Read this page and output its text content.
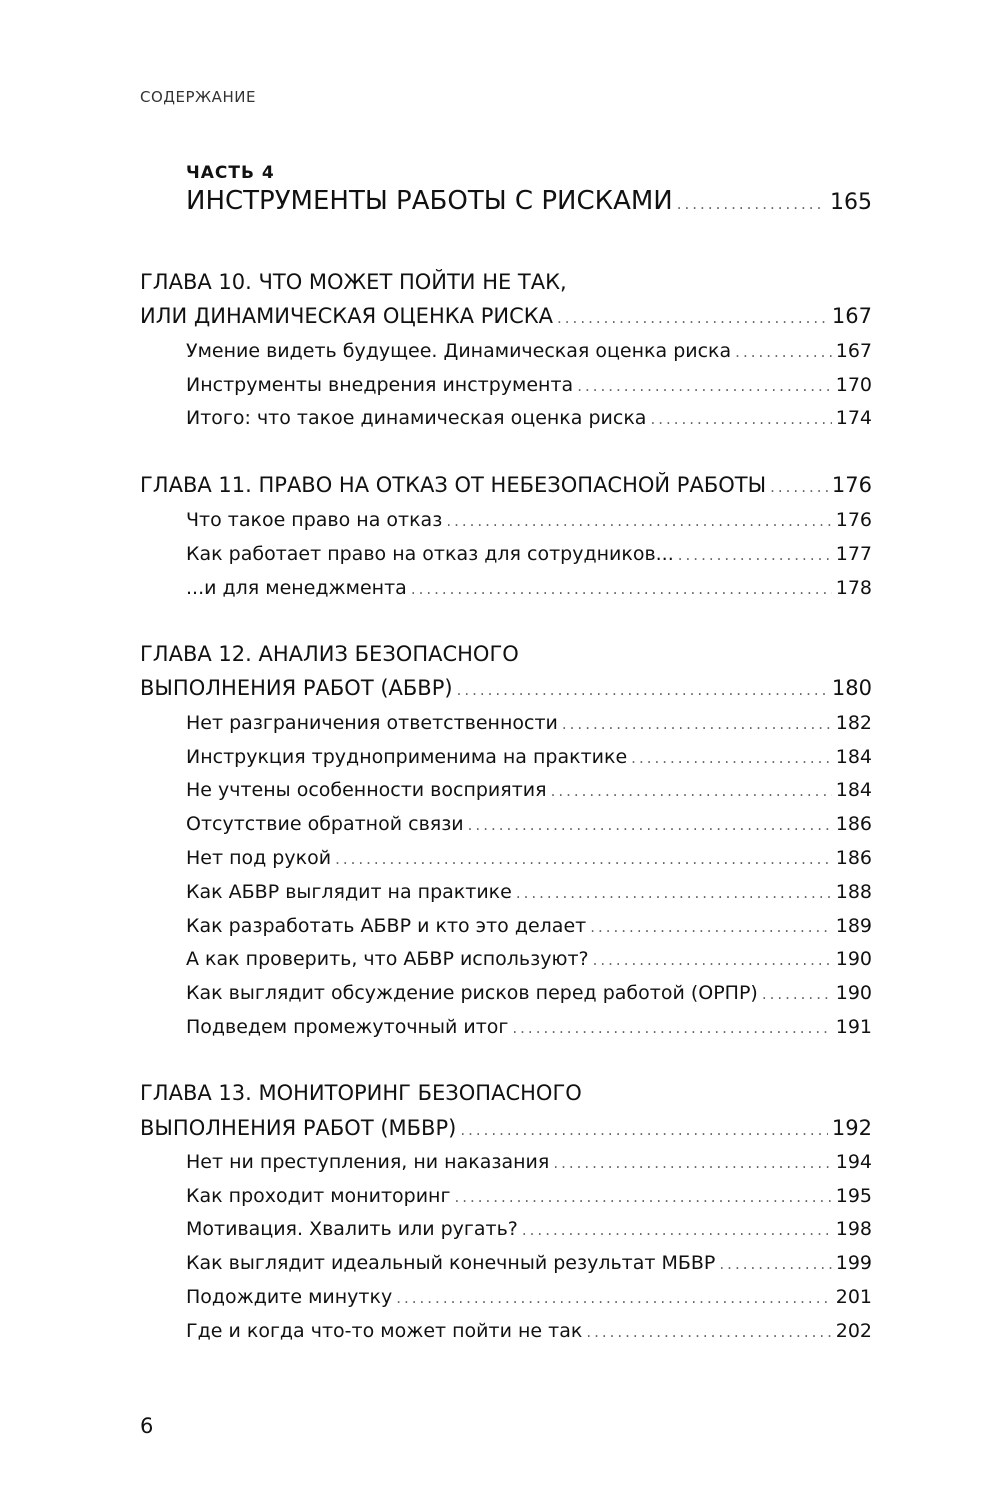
СОДЕРЖАНИЕ
ЧАСТЬ 4
ИНСТРУМЕНТЫ РАБОТЫ С РИСКАМИ .....	165
ГЛАВА 10. ЧТО МОЖЕТ ПОЙТИ НЕ ТАК,
ИЛИ ДИНАМИЧЕСКАЯ ОЦЕНКА РИСКА .....	167
Умение видеть будущее. Динамическая оценка риска .....	167
Инструменты внедрения инструмента .....	170
Итого: что такое динамическая оценка риска .....	174
ГЛАВА 11. ПРАВО НА ОТКАЗ ОТ НЕБЕЗОПАСНОЙ РАБОТЫ .....	176
Что такое право на отказ .....	176
Как работает право на отказ для сотрудников... .....	177
...и для менеджмента .....	178
ГЛАВА 12. АНАЛИЗ БЕЗОПАСНОГО
ВЫПОЛНЕНИЯ РАБОТ (АБВР) .....	180
Нет разграничения ответственности .....	182
Инструкция трудноприменима на практике .....	184
Не учтены особенности восприятия .....	184
Отсутствие обратной связи .....	186
Нет под рукой .....	186
Как АБВР выглядит на практике .....	188
Как разработать АБВР и кто это делает .....	189
А как проверить, что АБВР используют? .....	190
Как выглядит обсуждение рисков перед работой (ОРПР) .....	190
Подведем промежуточный итог .....	191
ГЛАВА 13. МОНИТОРИНГ БЕЗОПАСНОГО
ВЫПОЛНЕНИЯ РАБОТ (МБВР) .....	192
Нет ни преступления, ни наказания .....	194
Как проходит мониторинг .....	195
Мотивация. Хвалить или ругать? .....	198
Как выглядит идеальный конечный результат МБВР .....	199
Подождите минутку .....	201
Где и когда что-то может пойти не так .....	202
6
